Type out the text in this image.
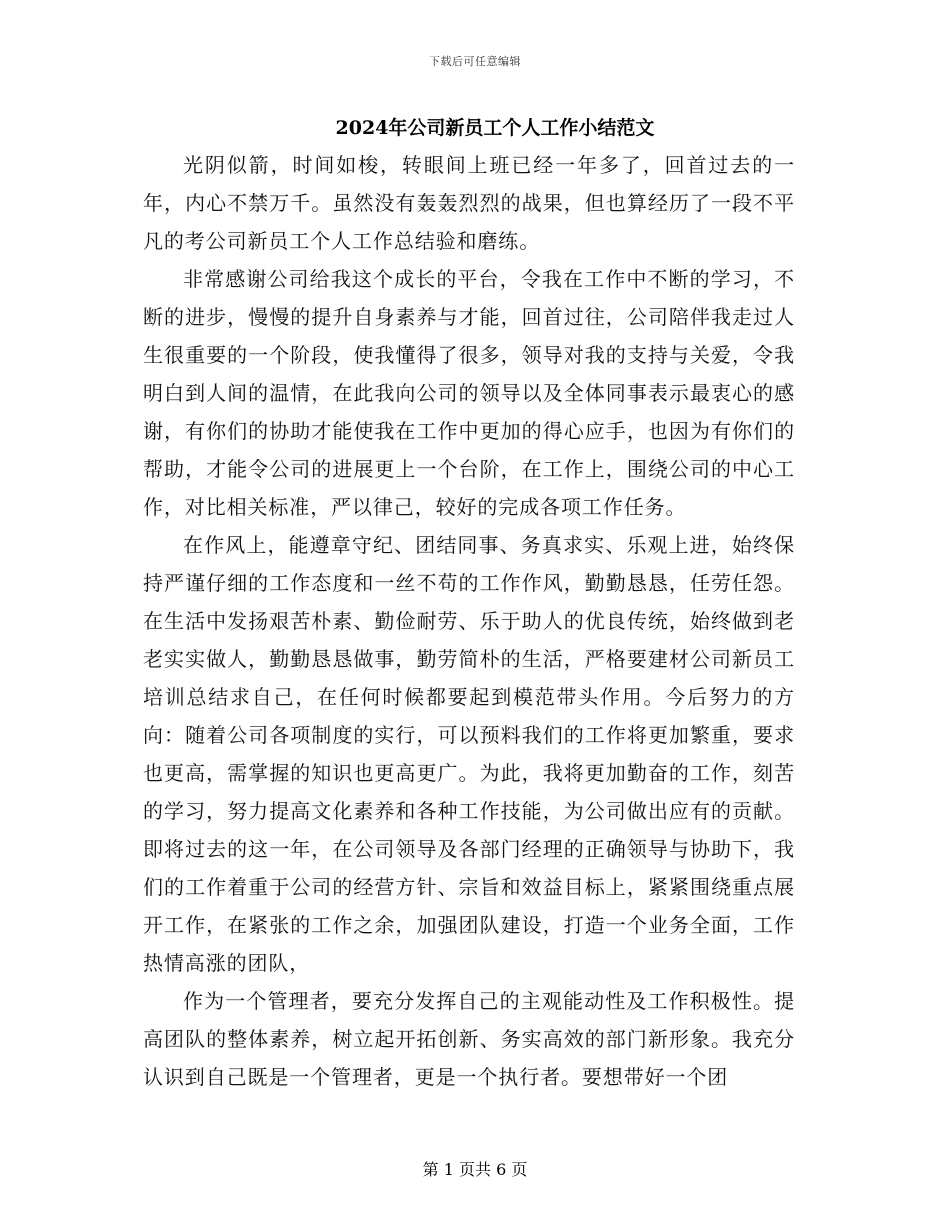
下载后可任意编辑
2024年公司新员工个人工作小结范文

光阴似箭，时间如梭，转眼间上班已经一年多了，回首过去的一年，内心不禁万千。虽然没有轰轰烈烈的战果，但也算经历了一段不平凡的考公司新员工个人工作总结验和磨练。

非常感谢公司给我这个成长的平台，令我在工作中不断的学习，不断的进步，慢慢的提升自身素养与才能，回首过往，公司陪伴我走过人生很重要的一个阶段，使我懂得了很多，领导对我的支持与关爱，令我明白到人间的温情，在此我向公司的领导以及全体同事表示最衷心的感谢，有你们的协助才能使我在工作中更加的得心应手，也因为有你们的帮助，才能令公司的进展更上一个台阶，在工作上，围绕公司的中心工作，对比相关标准，严以律己，较好的完成各项工作任务。

在作风上，能遵章守纪、团结同事、务真求实、乐观上进，始终保持严谨仔细的工作态度和一丝不苟的工作作风，勤勤恳恳，任劳任怨。在生活中发扬艰苦朴素、勤俭耐劳、乐于助人的优良传统，始终做到老老实实做人，勤勤恳恳做事，勤劳简朴的生活，严格要建材公司新员工培训总结求自己，在任何时候都要起到模范带头作用。今后努力的方向：随着公司各项制度的实行，可以预料我们的工作将更加繁重，要求也更高，需掌握的知识也更高更广。为此，我将更加勤奋的工作，刻苦的学习，努力提高文化素养和各种工作技能，为公司做出应有的贡献。即将过去的这一年，在公司领导及各部门经理的正确领导与协助下，我们的工作着重于公司的经营方针、宗旨和效益目标上，紧紧围绕重点展开工作，在紧张的工作之余，加强团队建设，打造一个业务全面，工作热情高涨的团队，

作为一个管理者，要充分发挥自己的主观能动性及工作积极性。提高团队的整体素养，树立起开拓创新、务实高效的部门新形象。我充分认识到自己既是一个管理者，更是一个执行者。要想带好一个团

第 1 页共 6 页
